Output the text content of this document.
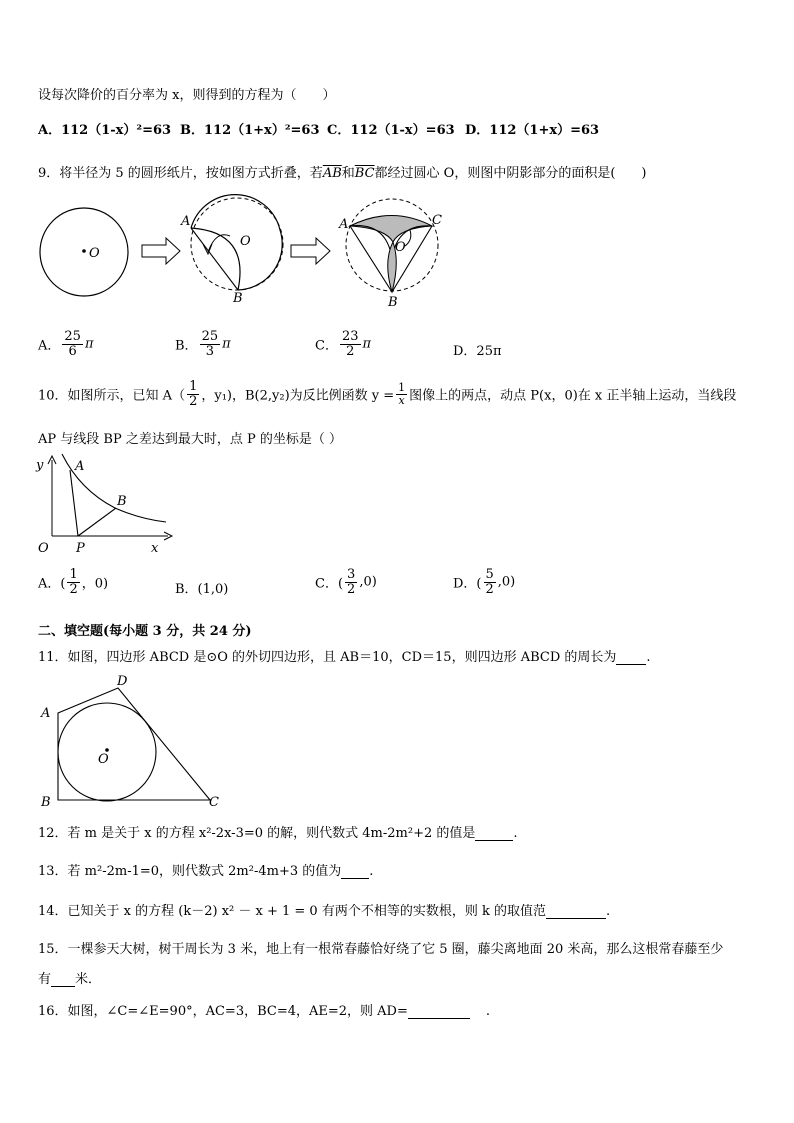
设每次降价的百分率为 x，则得到的方程为（　　）
A．112（1-x）²=63 B．112（1+x）²=63 C．112（1-x）=63 D．112（1+x）=63
9．将半径为 5 的圆形纸片，按如图方式折叠，若$\overline{AB}$和$\overline{BC}$都经过圆心 O，则图中阴影部分的面积是(　　)
O
A
O
B
A	C
O
B
A． $\frac{25}{6}$ π	B． $\frac{25}{3}$ π	C． $\frac{23}{2}$ π	D．25π
10．如图所示，已知 $A( \frac{1}{2}$ ，y₁)，B(2,y₂)为反比例函数 $y = \frac{1}{x}$ 图像上的两点，动点 P(x，0)在 x 正半轴上运动，当线段
AP 与线段 BP 之差达到最大时，点 P 的坐标是（ ）
y A
B
O P	x
A．( $\frac{1}{2}$ ，0)	B．(1,0)	C．( $\frac{3}{2} ,0$)	D．( $\frac{5}{2} ,0$)
二、填空题(每小题 3 分，共 24 分)
11．如图，四边形 ABCD 是⊙O 的外切四边形，且 AB＝10，CD＝15，则四边形 ABCD 的周长为 .
A
D
B	C
O
12．若 m 是关于 x 的方程 x²-2x-3=0 的解，则代数式 4m-2m²+2 的值是	.
13．若 m²-2m-1=0，则代数式 2m²-4m+3 的值为 .
14．已知关于 x 的方程 (k－2) x² － x + 1 = 0 有两个不相等的实数根，则 k 的取值范	.
15．一棵参天大树，树干周长为 3 米，地上有一根常春藤恰好绕了它 5 圈，藤尖离地面 20 米高，那么这根常春藤至少
有 米．
16．如图，∠C=∠E=90°，AC=3，BC=4，AE=2，则 AD=	.
